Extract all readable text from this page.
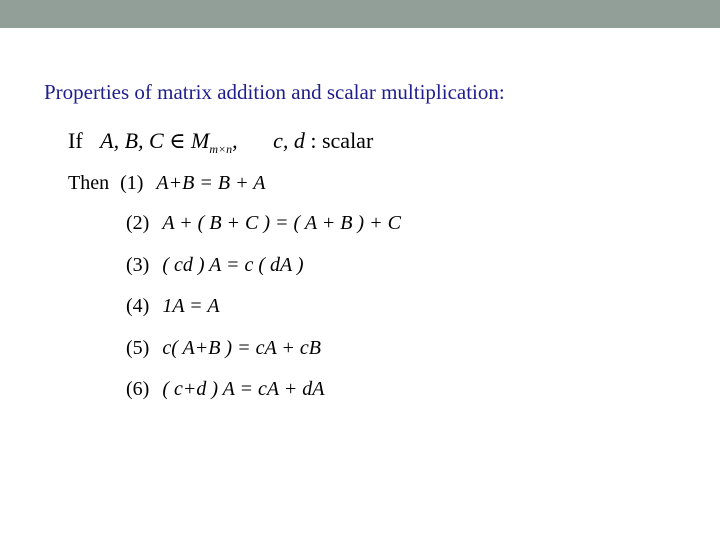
Properties of matrix addition and scalar multiplication:
If A, B, C ∈ $M_{m\times n}$, c, d : scalar
Then (1) A+B = B + A
(2) A + ( B + C ) = ( A + B ) + C
(3) ( cd ) A = c ( dA )
(4) 1A = A
(5) c( A+B ) = cA + cB
(6) ( c+d ) A = cA + dA
